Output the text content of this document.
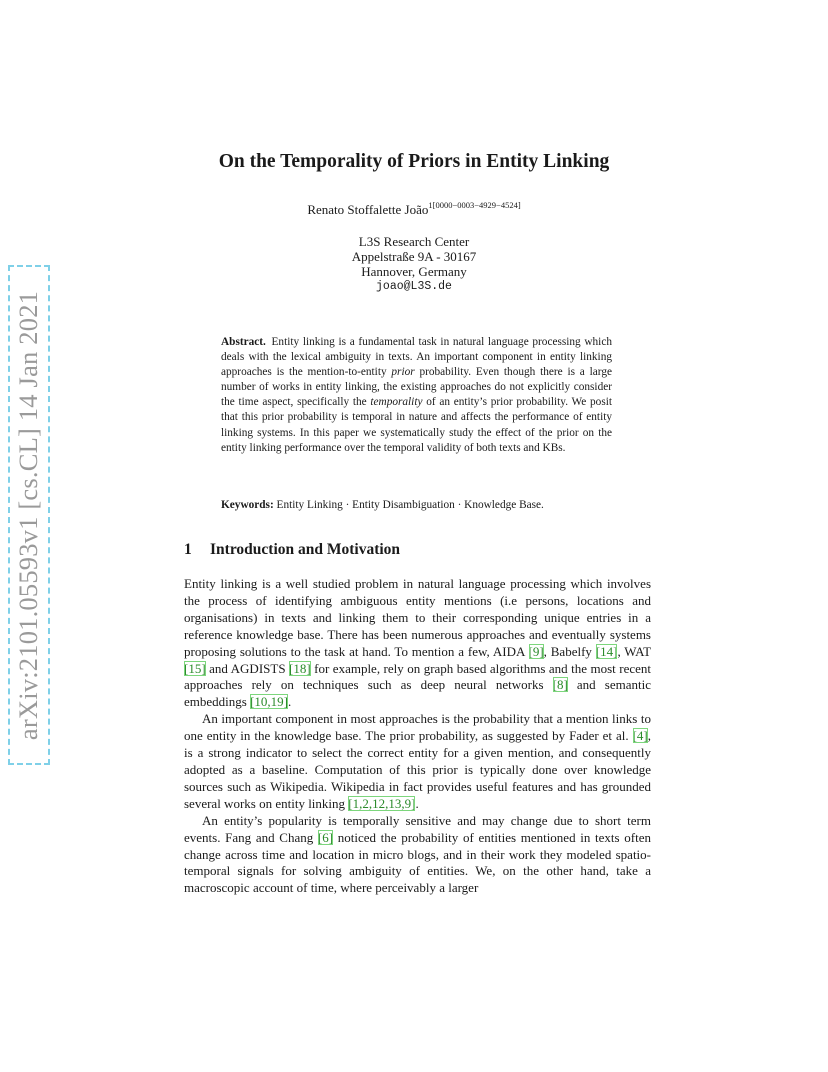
arXiv:2101.05593v1 [cs.CL] 14 Jan 2021
On the Temporality of Priors in Entity Linking
Renato Stoffalette João$^{1[0000-0003-4929-4524]}$
L3S Research Center
Appelstraße 9A - 30167
Hannover, Germany
joao@L3S.de

Abstract.  Entity linking is a fundamental task in natural language processing which deals with the lexical ambiguity in texts. An important component in entity linking approaches is the mention-to-entity prior probability. Even though there is a large number of works in entity linking, the existing approaches do not explicitly consider the time aspect, specifically the temporality of an entity’s prior probability. We posit that this prior probability is temporal in nature and affects the performance of entity linking systems. In this paper we systematically study the effect of the prior on the entity linking performance over the temporal validity of both texts and KBs.

Keywords: Entity Linking · Entity Disambiguation · Knowledge Base.
1 Introduction and Motivation

Entity linking is a well studied problem in natural language processing which involves the process of identifying ambiguous entity mentions (i.e persons, locations and organisations) in texts and linking them to their corresponding unique entries in a reference knowledge base. There has been numerous approaches and eventually systems proposing solutions to the task at hand. To mention a few, AIDA [9], Babelfy [14], WAT [15] and AGDISTS [18] for example, rely on graph based algorithms and the most recent approaches rely on techniques such as deep neural networks [8] and semantic embeddings [10,19].

An important component in most approaches is the probability that a mention links to one entity in the knowledge base. The prior probability, as suggested by Fader et al. [4], is a strong indicator to select the correct entity for a given mention, and consequently adopted as a baseline. Computation of this prior is typically done over knowledge sources such as Wikipedia. Wikipedia in fact provides useful features and has grounded several works on entity linking [1,2,12,13,9].

An entity’s popularity is temporally sensitive and may change due to short term events. Fang and Chang [6] noticed the probability of entities mentioned in texts often change across time and location in micro blogs, and in their work they modeled spatio-temporal signals for solving ambiguity of entities. We, on the other hand, take a macroscopic account of time, where perceivably a larger
